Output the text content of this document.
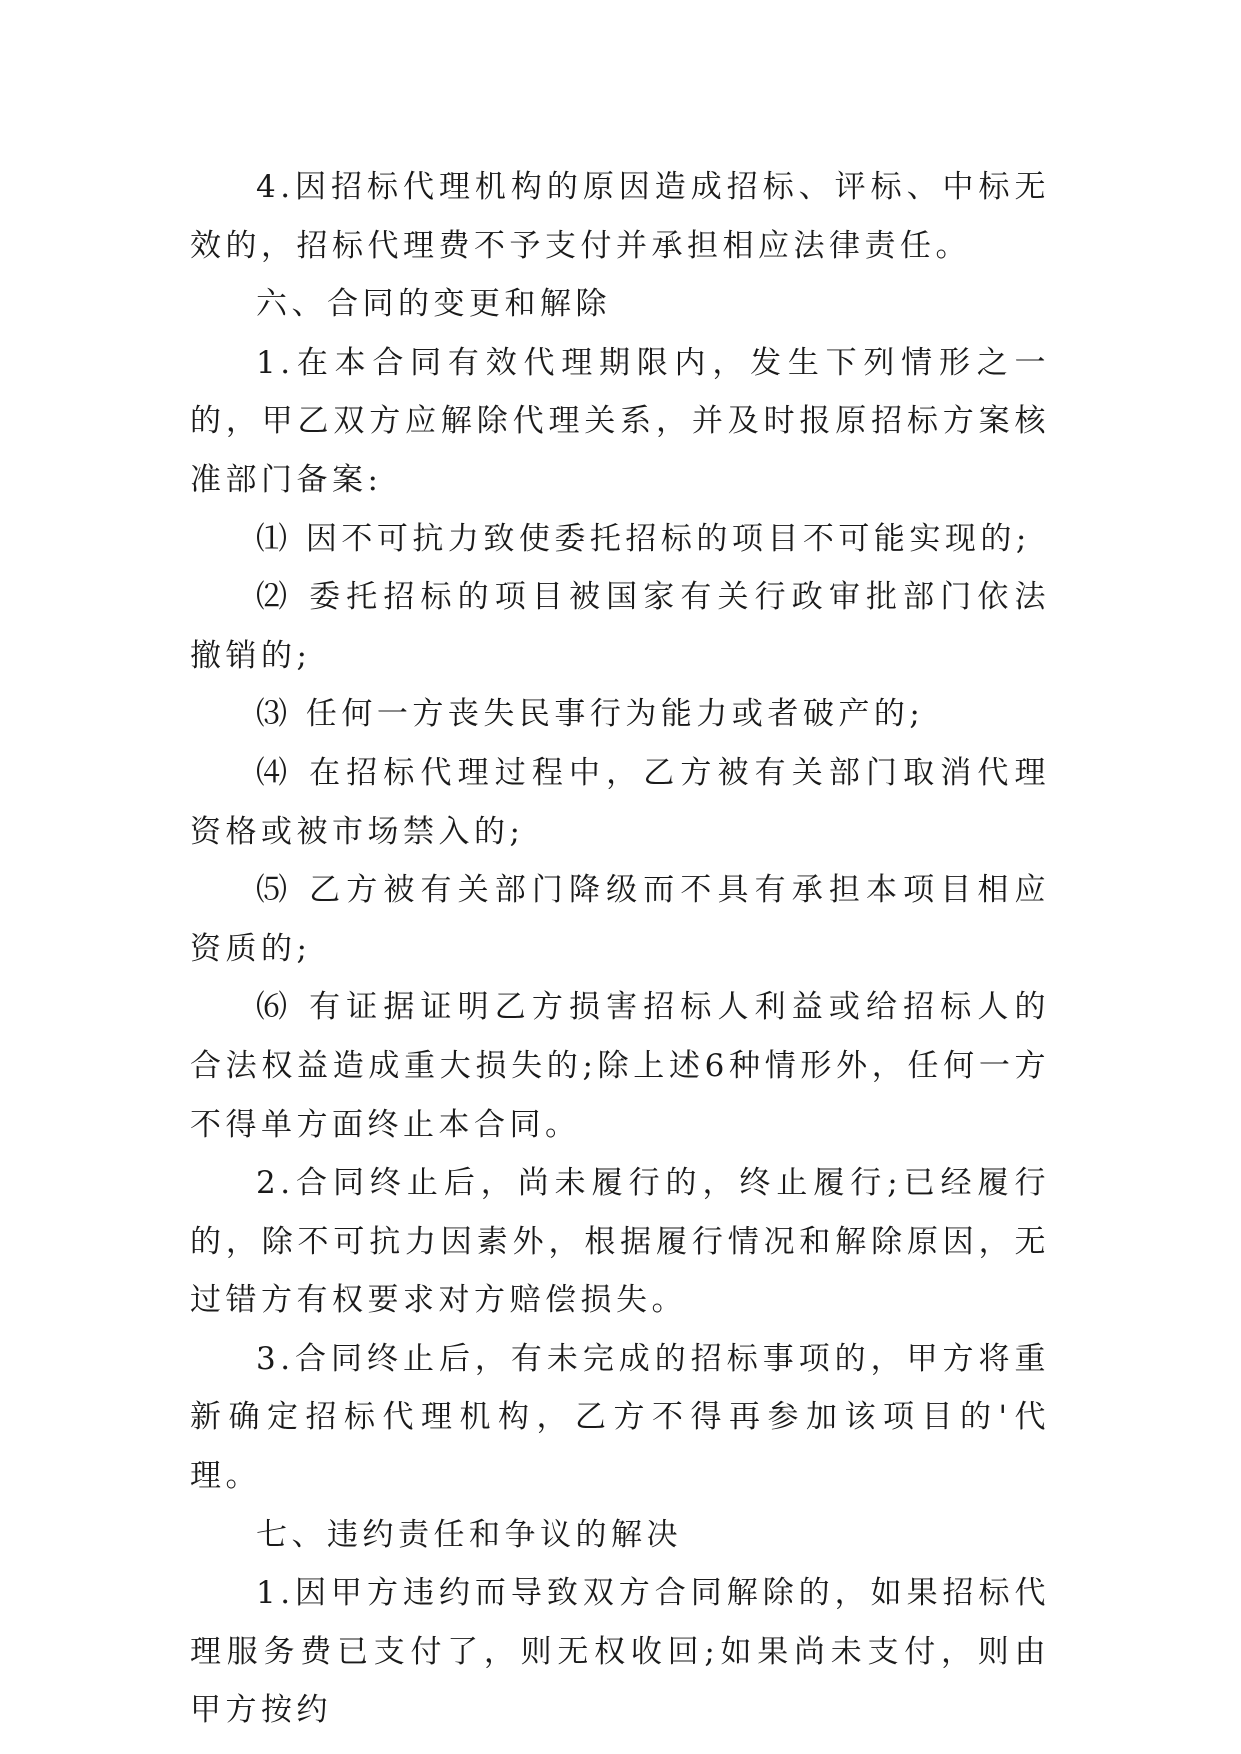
4.因招标代理机构的原因造成招标、评标、中标无效的，招标代理费不予支付并承担相应法律责任。

六、合同的变更和解除

1.在本合同有效代理期限内，发生下列情形之一的，甲乙双方应解除代理关系，并及时报原招标方案核准部门备案:

⑴ 因不可抗力致使委托招标的项目不可能实现的;

⑵ 委托招标的项目被国家有关行政审批部门依法撤销的;

⑶ 任何一方丧失民事行为能力或者破产的;

⑷ 在招标代理过程中，乙方被有关部门取消代理资格或被市场禁入的;

⑸ 乙方被有关部门降级而不具有承担本项目相应资质的;

⑹ 有证据证明乙方损害招标人利益或给招标人的合法权益造成重大损失的;除上述6种情形外，任何一方不得单方面终止本合同。

2.合同终止后，尚未履行的，终止履行;已经履行的，除不可抗力因素外，根据履行情况和解除原因，无过错方有权要求对方赔偿损失。

3.合同终止后，有未完成的招标事项的，甲方将重新确定招标代理机构，乙方不得再参加该项目的'代理。

七、违约责任和争议的解决

1.因甲方违约而导致双方合同解除的，如果招标代理服务费已支付了，则无权收回;如果尚未支付，则由甲方按约
